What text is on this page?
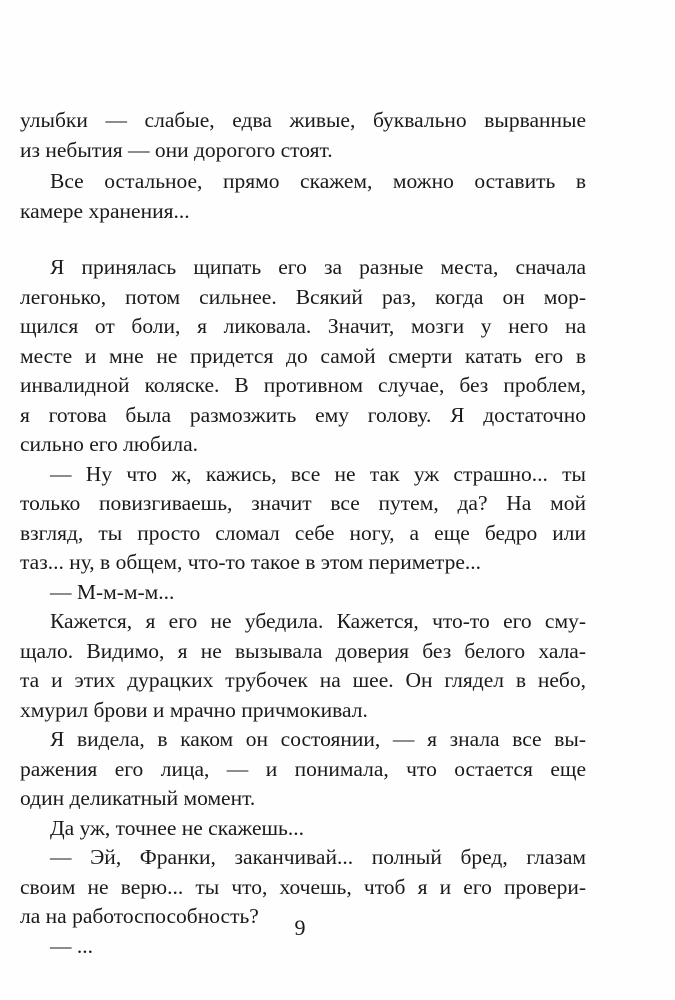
улыбки — слабые, едва живые, буквально вырванные
из небытия — они дорогого стоят.
Все остальное, прямо скажем, можно оставить в
камере хранения...
Я принялась щипать его за разные места, сначала
легонько, потом сильнее. Всякий раз, когда он мор-
щился от боли, я ликовала. Значит, мозги у него на
месте и мне не придется до самой смерти катать его в
инвалидной коляске. В противном случае, без проблем,
я готова была размозжить ему голову. Я достаточно
сильно его любила.
— Ну что ж, кажись, все не так уж страшно... ты
только повизгиваешь, значит все путем, да? На мой
взгляд, ты просто сломал себе ногу, а еще бедро или
таз... ну, в общем, что-то такое в этом периметре...
— М-м-м-м...
Кажется, я его не убедила. Кажется, что-то его сму-
щало. Видимо, я не вызывала доверия без белого хала-
та и этих дурацких трубочек на шее. Он глядел в небо,
хмурил брови и мрачно причмокивал.
Я видела, в каком он состоянии, — я знала все вы-
ражения его лица, — и понимала, что остается еще
один деликатный момент.
Да уж, точнее не скажешь...
— Эй, Франки, заканчивай... полный бред, глазам
своим не верю... ты что, хочешь, чтоб я и его провери-
ла на работоспособность?
— ...
9
